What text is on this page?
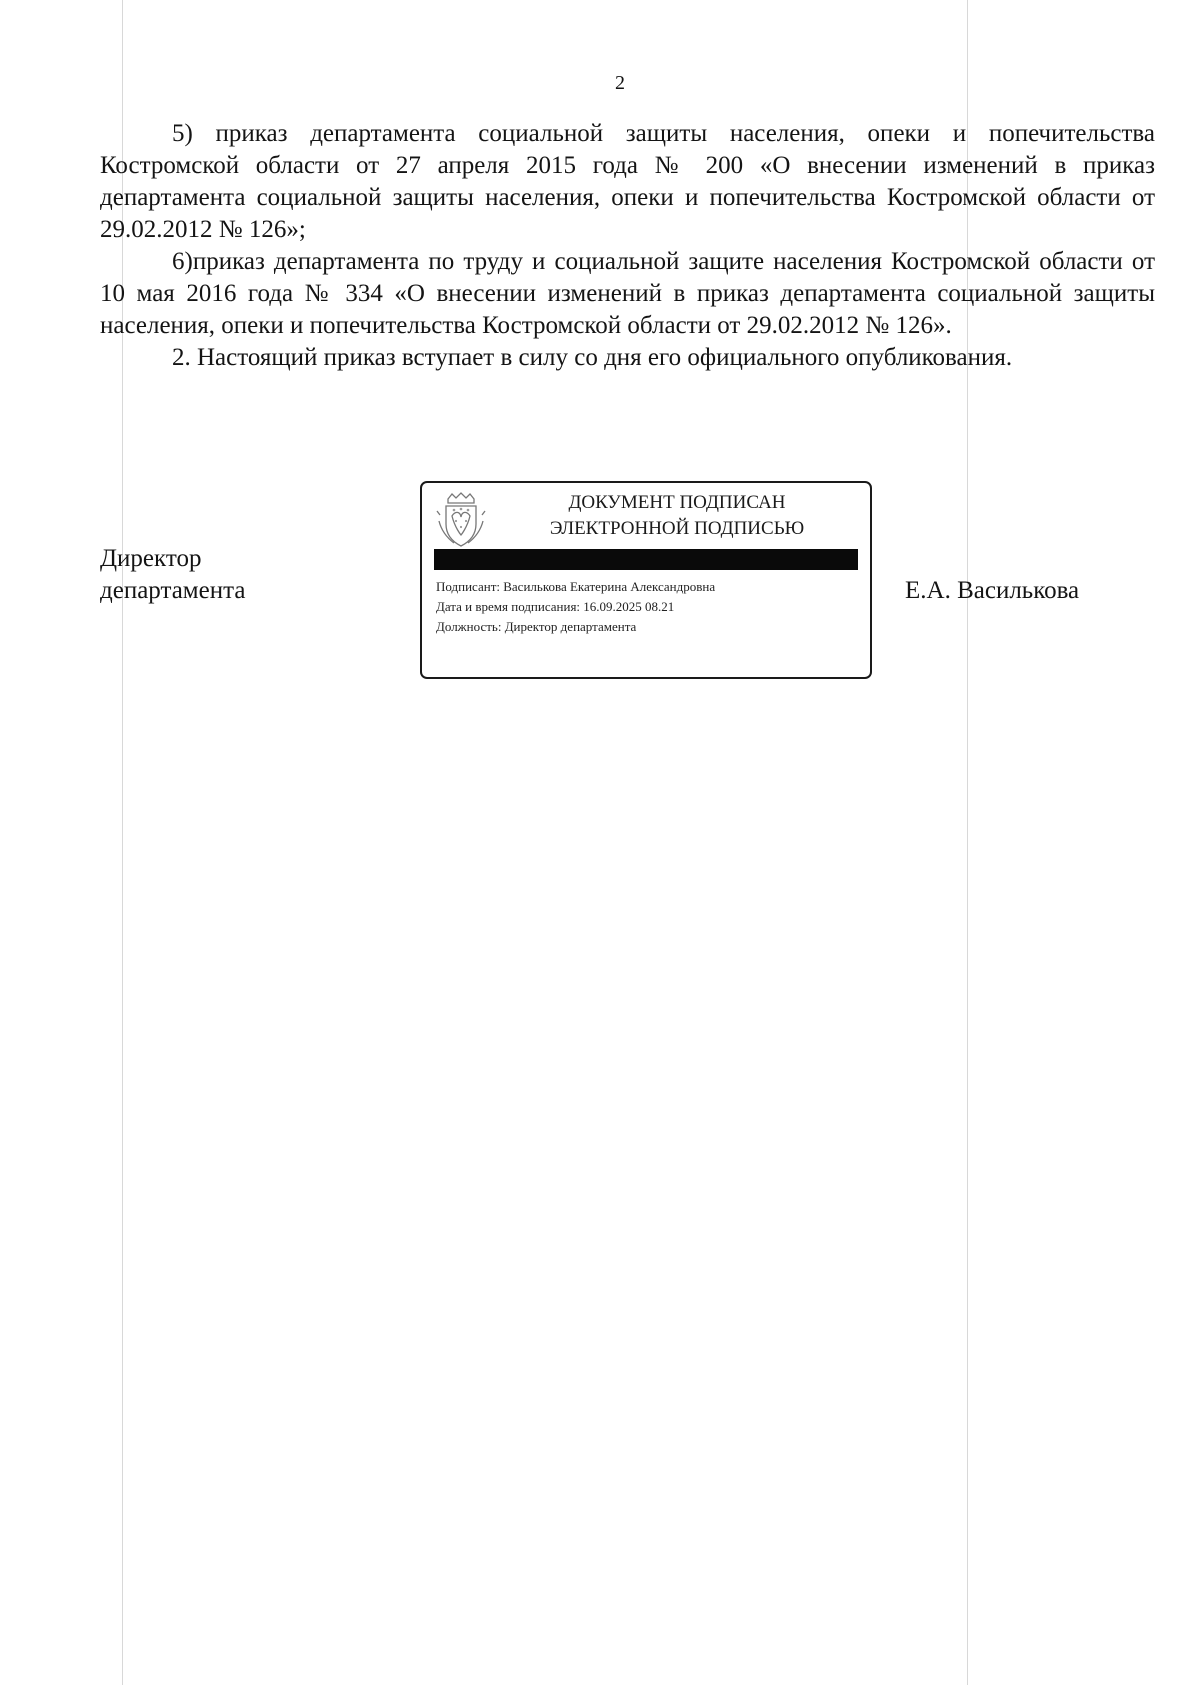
2

5) приказ департамента социальной защиты населения, опеки и попечительства Костромской области от 27 апреля 2015 года № 200 «О внесении изменений в приказ департамента социальной защиты населения, опеки и попечительства Костромской области от 29.02.2012 № 126»;

6)приказ департамента по труду и социальной защите населения Костромской области от 10 мая 2016 года № 334 «О внесении изменений в приказ департамента социальной защиты населения, опеки и попечительства Костромской области от 29.02.2012 № 126».

2. Настоящий приказ вступает в силу со дня его официального опубликования.

Директор
департамента
ДОКУМЕНТ ПОДПИСАН
ЭЛЕКТРОННОЙ ПОДПИСЬЮ
Подписант: Василькова Екатерина Александровна
Дата и время подписания: 16.09.2025 08.21
Должность: Директор департамента
Е.А. Василькова
